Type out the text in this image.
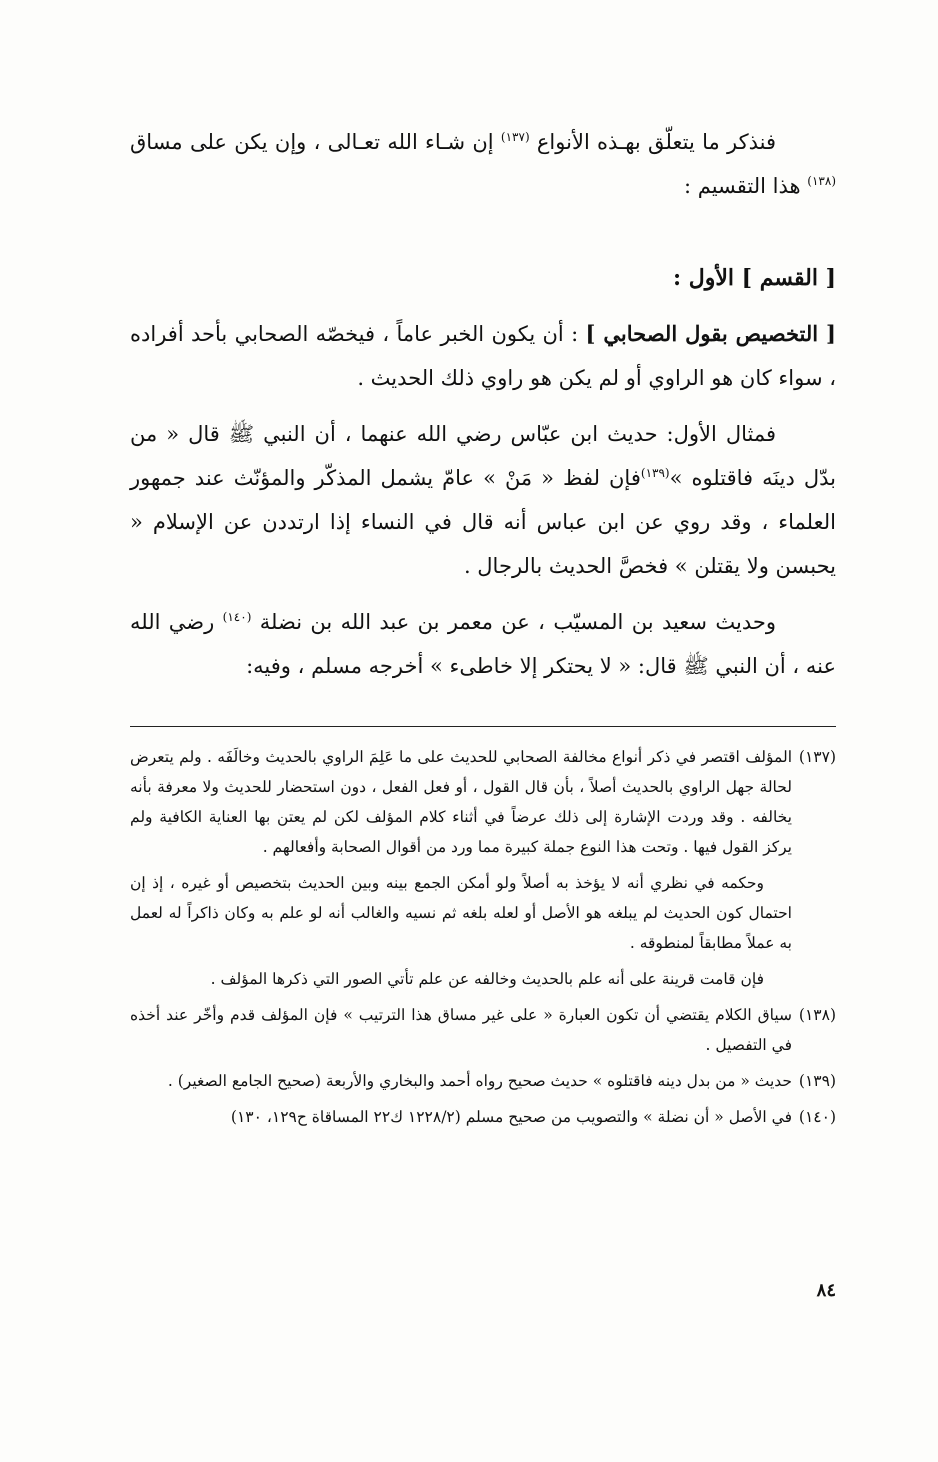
فنذكر ما يتعلّق بهـذه الأنواع $^{(١٣٧)}$ إن شـاء الله تعـالى ، وإن يكن على مساق $^{(١٣٨)}$ هذا التقسيم :

[ القسم ] الأول :

[ التخصيص بقول الصحابي ] : أن يكون الخبر عاماً ، فيخصّه الصحابي بأحد أفراده ، سواء كان هو الراوي أو لم يكن هو راوي ذلك الحديث .

فمثال الأول: حديث ابن عبّاس رضي الله عنهما ، أن النبي ﷺ قال « من بدّل دينَه فاقتلوه »$^{(١٣٩)}$فإن لفظ « مَنْ » عامّ يشمل المذكّر والمؤنّث عند جمهور العلماء ، وقد روي عن ابن عباس أنه قال في النساء إذا ارتددن عن الإسلام « يحبسن ولا يقتلن » فخصَّ الحديث بالرجال .

وحديث سعيد بن المسيّب ، عن معمر بن عبد الله بن نضلة $^{(١٤٠)}$ رضي الله عنه ، أن النبي ﷺ قال: « لا يحتكر إلا خاطىء » أخرجه مسلم ، وفيه:

(١٣٧)

المؤلف اقتصر في ذكر أنواع مخالفة الصحابي للحديث على ما عَلِمَ الراوي بالحديث وخالَفَه . ولم يتعرض لحالة جهل الراوي بالحديث أصلاً ، بأن قال القول ، أو فعل الفعل ، دون استحضار للحديث ولا معرفة بأنه يخالفه . وقد وردت الإشارة إلى ذلك عرضاً في أثناء كلام المؤلف لكن لم يعتن بها العناية الكافية ولم يركز القول فيها . وتحت هذا النوع جملة كبيرة مما ورد من أقوال الصحابة وأفعالهم .

وحكمه في نظري أنه لا يؤخذ به أصلاً ولو أمكن الجمع بينه وبين الحديث بتخصيص أو غيره ، إذ إن احتمال كون الحديث لم يبلغه هو الأصل أو لعله بلغه ثم نسيه والغالب أنه لو علم به وكان ذاكراً له لعمل به عملاً مطابقاً لمنطوقه .

فإن قامت قرينة على أنه علم بالحديث وخالفه عن علم تأتي الصور التي ذكرها المؤلف .

(١٣٨)

سياق الكلام يقتضي أن تكون العبارة « على غير مساق هذا الترتيب » فإن المؤلف قدم وأخّر عند أخذه في التفصيل .

(١٣٩)

حديث « من بدل دينه فاقتلوه » حديث صحيح رواه أحمد والبخاري والأربعة (صحيح الجامع الصغير) .

(١٤٠)

في الأصل « أن نضلة » والتصويب من صحيح مسلم (١٢٢٨/٢ ك٢٢ المساقاة ح١٢٩، ١٣٠)

٨٤
